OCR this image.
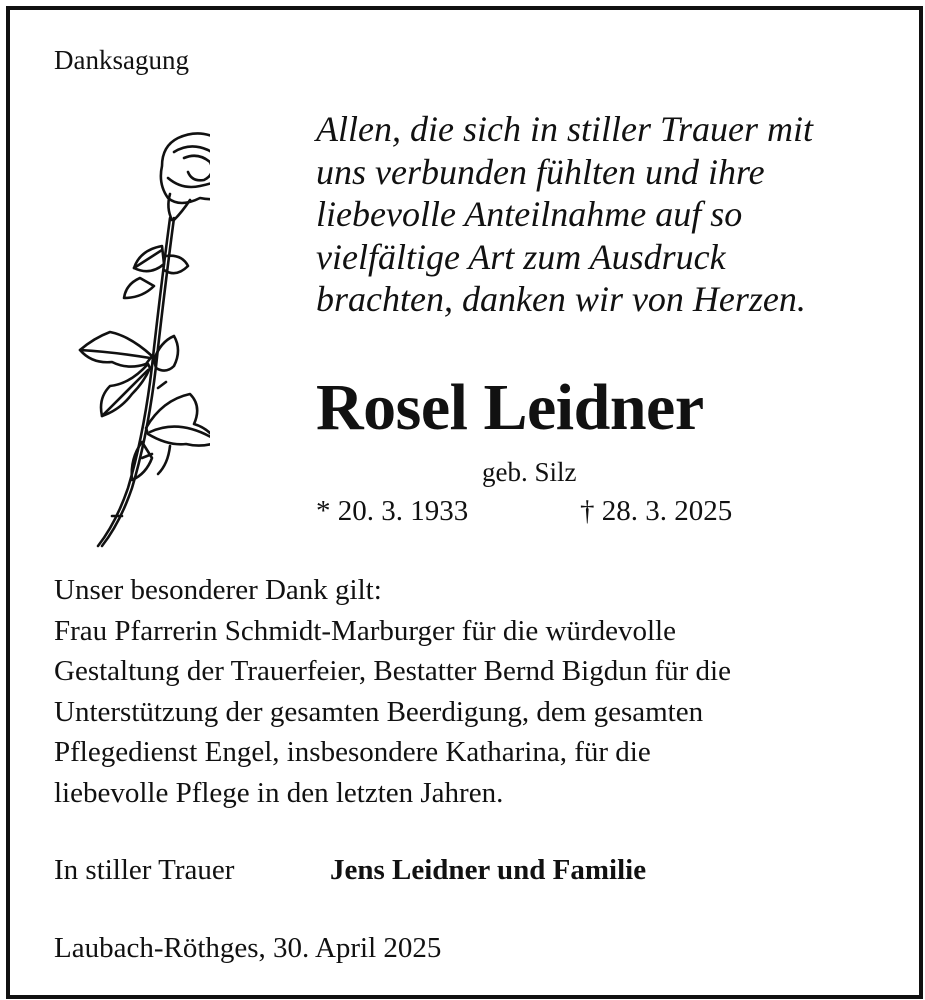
Danksagung
Allen, die sich in stiller Trauer mit
uns verbunden fühlten und ihre
liebevolle Anteilnahme auf so
vielfältige Art zum Ausdruck
brachten, danken wir von Herzen.
Rosel Leidner
geb. Silz
* 20. 3. 1933	† 28. 3. 2025
Unser besonderer Dank gilt:
Frau Pfarrerin Schmidt-Marburger für die würdevolle
Gestaltung der Trauerfeier, Bestatter Bernd Bigdun für die
Unterstützung der gesamten Beerdigung, dem gesamten
Pflegedienst Engel, insbesondere Katharina, für die
liebevolle Pflege in den letzten Jahren.
In stiller Trauer	Jens Leidner und Familie
Laubach-Röthges, 30. April 2025
